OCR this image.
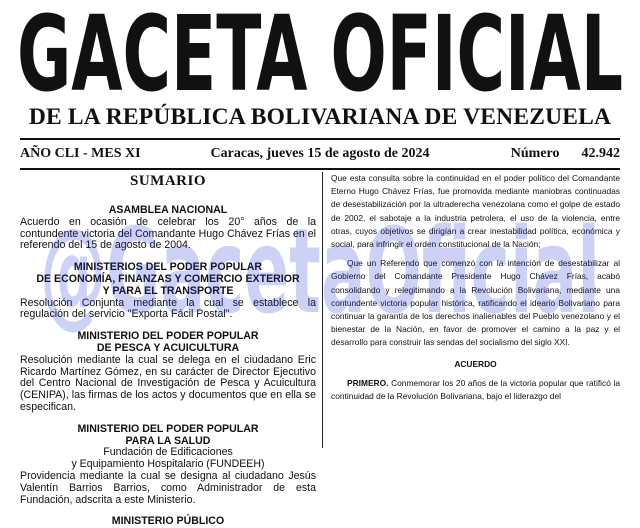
GACETA OFICIAL
DE LA REPÚBLICA BOLIVARIANA DE VENEZUELA
AÑO CLI - MES XI	Caracas, jueves 15 de agosto de 2024	Número 42.942
SUMARIO
ASAMBLEA NACIONAL
Acuerdo en ocasión de celebrar los 20° años de la contundente victoria del Comandante Hugo Chávez Frías en el referendo del 15 de agosto de 2004.
MINISTERIOS DEL PODER POPULAR
DE ECONOMÍA, FINANZAS Y COMERCIO EXTERIOR
Y PARA EL TRANSPORTE
Resolución Conjunta mediante la cual se establece la regulación del servicio "Exporta Fácil Postal".
MINISTERIO DEL PODER POPULAR
DE PESCA Y ACUICULTURA
Resolución mediante la cual se delega en el ciudadano Eric Ricardo Martínez Gómez, en su carácter de Director Ejecutivo del Centro Nacional de Investigación de Pesca y Acuicultura (CENIPA), las firmas de los actos y documentos que en ella se especifican.
MINISTERIO DEL PODER POPULAR
PARA LA SALUD
Fundación de Edificaciones
y Equipamiento Hospitalario (FUNDEEH)
Providencia mediante la cual se designa al ciudadano Jesús Valentín Barrios Barrios, como Administrador de esta Fundación, adscrita a este Ministerio.
MINISTERIO PÚBLICO

Que esta consulta sobre la continuidad en el poder político del Comandante Eterno Hugo Chávez Frías, fue promovida mediante maniobras continuadas de desestabilización por la ultraderecha venezolana como el golpe de estado de 2002, el sabotaje a la industria petrolera, el uso de la violencia, entre otras, cuyos objetivos se dirigían a crear inestabilidad política, económica y social, para infringir el orden constitucional de la Nación;

Que un Referendo que comenzó con la intención de desestabilizar al Gobierno del Comandante Presidente Hugo Chávez Frías, acabó consolidando y relegitimando a la Revolución Bolivariana, mediante una contundente victoria popular histórica, ratificando el ideario Bolivariano para continuar la garantía de los derechos inalienables del Pueblo venezolano y el bienestar de la Nación, en favor de promover el camino a la paz y el desarrollo para construir las sendas del socialismo del siglo XXI.

ACUERDO

PRIMERO. Conmemorar los 20 años de la victoria popular que ratificó la continuidad de la Revolución Bolivariana, bajo el liderazgo del

@GacetaOficial
